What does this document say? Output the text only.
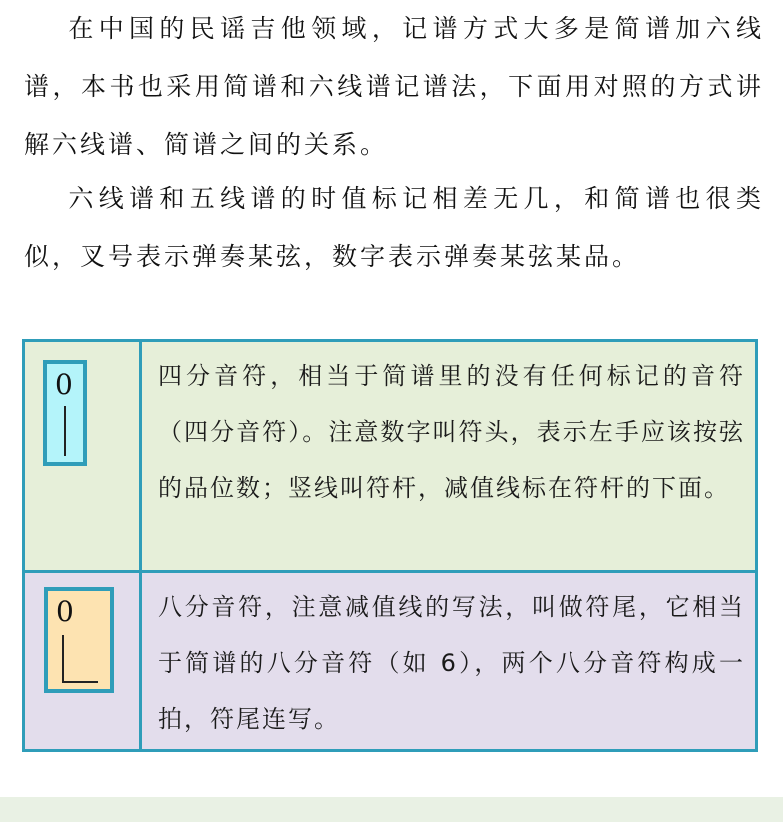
在中国的民谣吉他领域，记谱方式大多是简谱加六线谱，本书也采用简谱和六线谱记谱法，下面用对照的方式讲解六线谱、简谱之间的关系。

六线谱和五线谱的时值标记相差无几，和简谱也很类似，叉号表示弹奏某弦，数字表示弹奏某弦某品。

0	四分音符，相当于简谱里的没有任何标记的音符（四分音符）。注意数字叫符头，表示左手应该按弦的品位数；竖线叫符杆，减值线标在符杆的下面。

0	八分音符，注意减值线的写法，叫做符尾，它相当于简谱的八分音符（如 6），两个八分音符构成一拍，符尾连写。
